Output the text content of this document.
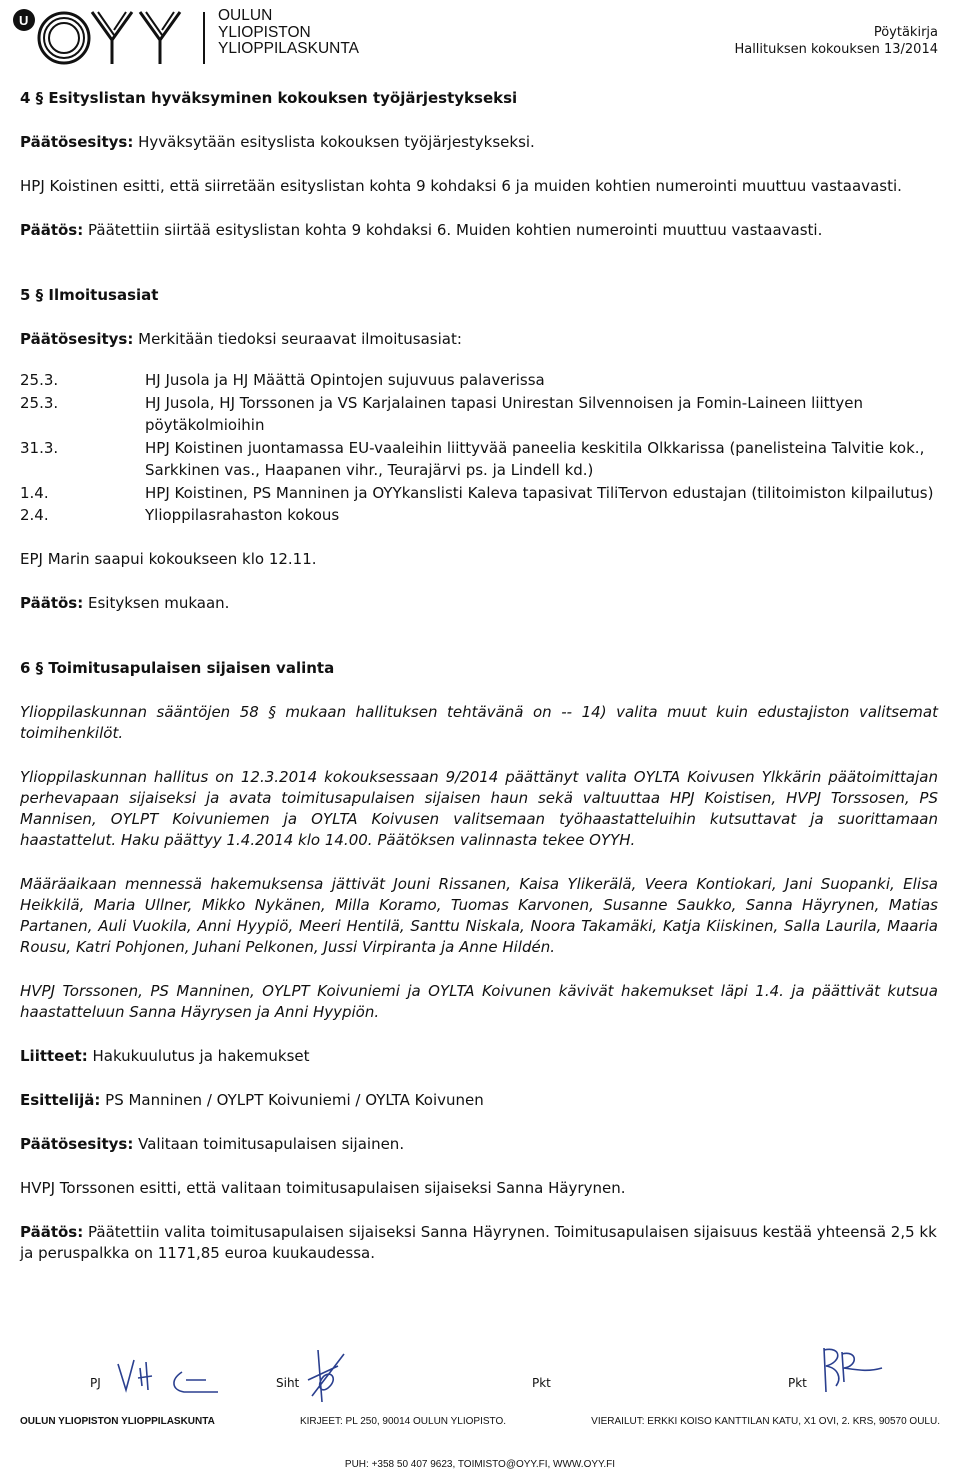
U	OULUN
YLIOPISTON
YLIOPPILASKUNTA
Pöytäkirja
Hallituksen kokouksen 13/2014

4 § Esityslistan hyväksyminen kokouksen työjärjestykseksi

Päätösesitys: Hyväksytään esityslista kokouksen työjärjestykseksi.

HPJ Koistinen esitti, että siirretään esityslistan kohta 9 kohdaksi 6 ja muiden kohtien numerointi muuttuu vastaavasti.

Päätös: Päätettiin siirtää esityslistan kohta 9 kohdaksi 6. Muiden kohtien numerointi muuttuu vastaavasti.

5 § Ilmoitusasiat

Päätösesitys: Merkitään tiedoksi seuraavat ilmoitusasiat:

25.3.	HJ Jusola ja HJ Määttä Opintojen sujuvuus palaverissa
25.3.	HJ Jusola, HJ Torssonen ja VS Karjalainen tapasi Unirestan Silvennoisen ja Fomin-Laineen liittyen pöytäkolmioihin
31.3.	HPJ Koistinen juontamassa EU-vaaleihin liittyvää paneelia keskitila Olkkarissa (panelisteina Talvitie kok., Sarkkinen vas., Haapanen vihr., Teurajärvi ps. ja Lindell kd.)
1.4.	HPJ Koistinen, PS Manninen ja OYYkanslisti Kaleva tapasivat TiliTervon edustajan (tilitoimiston kilpailutus)
2.4.	Ylioppilasrahaston kokous

EPJ Marin saapui kokoukseen klo 12.11.

Päätös: Esityksen mukaan.

6 § Toimitusapulaisen sijaisen valinta

Ylioppilaskunnan sääntöjen 58 § mukaan hallituksen tehtävänä on -- 14) valita muut kuin edustajiston valitsemat toimihenkilöt.

Ylioppilaskunnan hallitus on 12.3.2014 kokouksessaan 9/2014 päättänyt valita OYLTA Koivusen Ylkkärin päätoimittajan perhevapaan sijaiseksi ja avata toimitusapulaisen sijaisen haun sekä valtuuttaa HPJ Koistisen, HVPJ Torssosen, PS Mannisen, OYLPT Koivuniemen ja OYLTA Koivusen valitsemaan työhaastatteluihin kutsuttavat ja suorittamaan haastattelut. Haku päättyy 1.4.2014 klo 14.00. Päätöksen valinnasta tekee OYYH.

Määräaikaan mennessä hakemuksensa jättivät Jouni Rissanen, Kaisa Ylikerälä, Veera Kontiokari, Jani Suopanki, Elisa Heikkilä, Maria Ullner, Mikko Nykänen, Milla Koramo, Tuomas Karvonen, Susanne Saukko, Sanna Häyrynen, Matias Partanen, Auli Vuokila, Anni Hyypiö, Meeri Hentilä, Santtu Niskala, Noora Takamäki, Katja Kiiskinen, Salla Laurila, Maaria Rousu, Katri Pohjonen, Juhani Pelkonen, Jussi Virpiranta ja Anne Hildén.

HVPJ Torssonen, PS Manninen, OYLPT Koivuniemi ja OYLTA Koivunen kävivät hakemukset läpi 1.4. ja päättivät kutsua haastatteluun Sanna Häyrysen ja Anni Hyypiön.

Liitteet: Hakukuulutus ja hakemukset

Esittelijä: PS Manninen / OYLPT Koivuniemi / OYLTA Koivunen

Päätösesitys: Valitaan toimitusapulaisen sijainen.

HVPJ Torssonen esitti, että valitaan toimitusapulaisen sijaiseksi Sanna Häyrynen.

Päätös: Päätettiin valita toimitusapulaisen sijaiseksi Sanna Häyrynen. Toimitusapulaisen sijaisuus kestää yhteensä 2,5 kk ja peruspalkka on 1171,85 euroa kuukaudessa.

PJ	Siht	Pkt	Pkt
OULUN YLIOPISTON YLIOPPILASKUNTA	KIRJEET: PL 250, 90014 OULUN YLIOPISTO.	VIERAILUT: ERKKI KOISO KANTTILAN KATU, X1 OVI, 2. KRS, 90570 OULU.
PUH: +358 50 407 9623, TOIMISTO@OYY.FI, WWW.OYY.FI
